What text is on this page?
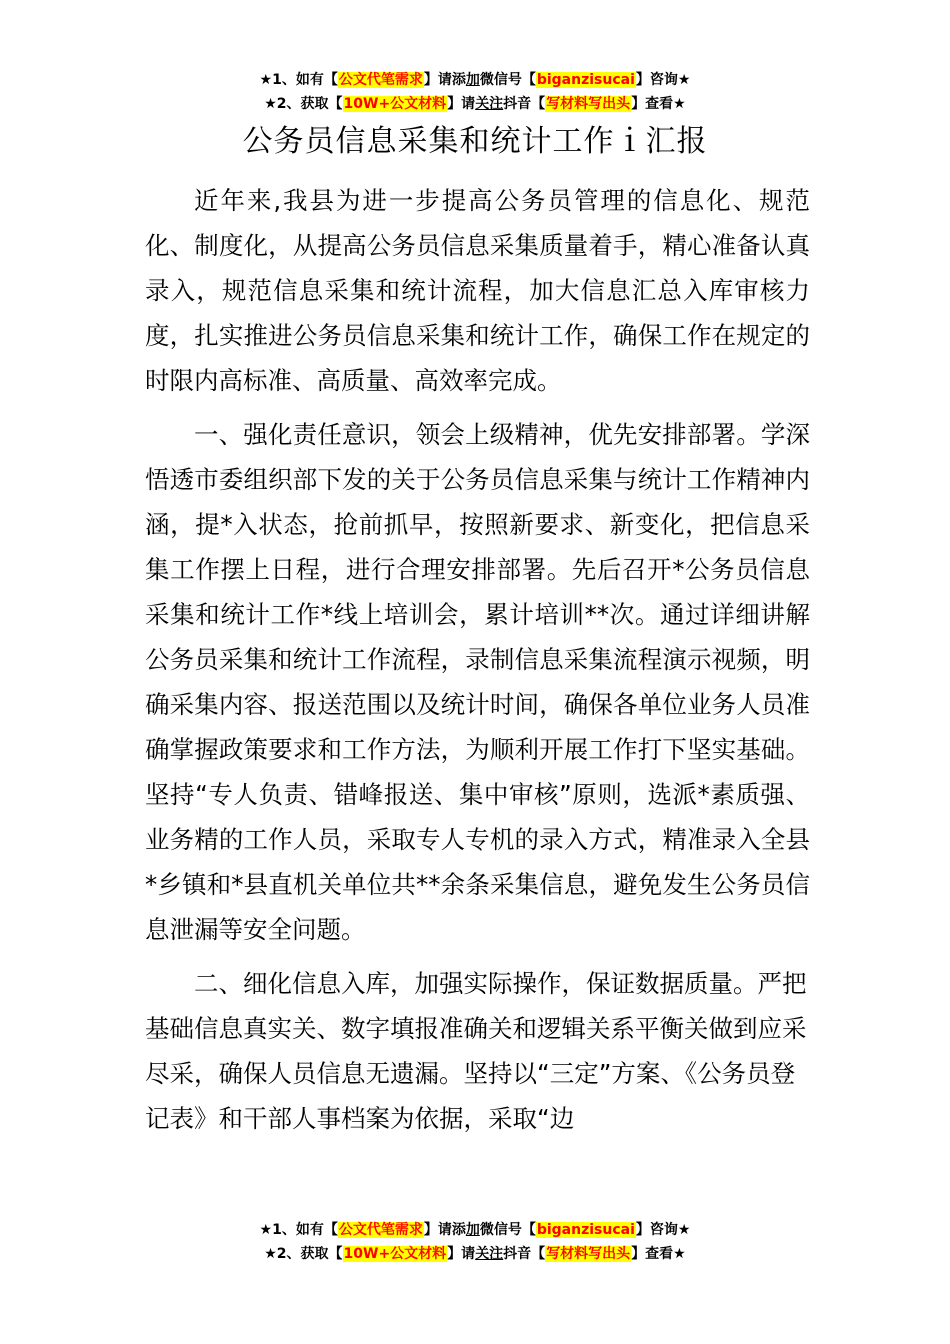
★1、如有【公文代笔需求】请添加微信号【biganzisucai】咨询★
★2、获取【10W+公文材料】请关注抖音【写材料写出头】查看★
公务员信息采集和统计工作ｉ汇报

近年来,我县为进一步提高公务员管理的信息化、规范化、制度化，从提高公务员信息采集质量着手，精心准备认真录入，规范信息采集和统计流程，加大信息汇总入库审核力度，扎实推进公务员信息采集和统计工作，确保工作在规定的时限内高标准、高质量、高效率完成。

一、强化责任意识，领会上级精神，优先安排部署。学深悟透市委组织部下发的关于公务员信息采集与统计工作精神内涵，提*入状态，抢前抓早，按照新要求、新变化，把信息采集工作摆上日程，进行合理安排部署。先后召开*公务员信息采集和统计工作*线上培训会，累计培训**次。通过详细讲解公务员采集和统计工作流程，录制信息采集流程演示视频，明确采集内容、报送范围以及统计时间，确保各单位业务人员准确掌握政策要求和工作方法，为顺利开展工作打下坚实基础。坚持“专人负责、错峰报送、集中审核”原则，选派*素质强、业务精的工作人员，采取专人专机的录入方式，精准录入全县*乡镇和*县直机关单位共**余条采集信息，避免发生公务员信息泄漏等安全问题。

二、细化信息入库，加强实际操作，保证数据质量。严把基础信息真实关、数字填报准确关和逻辑关系平衡关做到应采尽采，确保人员信息无遗漏。坚持以“三定”方案、《公务员登记表》和干部人事档案为依据，采取“边

★1、如有【公文代笔需求】请添加微信号【biganzisucai】咨询★
★2、获取【10W+公文材料】请关注抖音【写材料写出头】查看★
